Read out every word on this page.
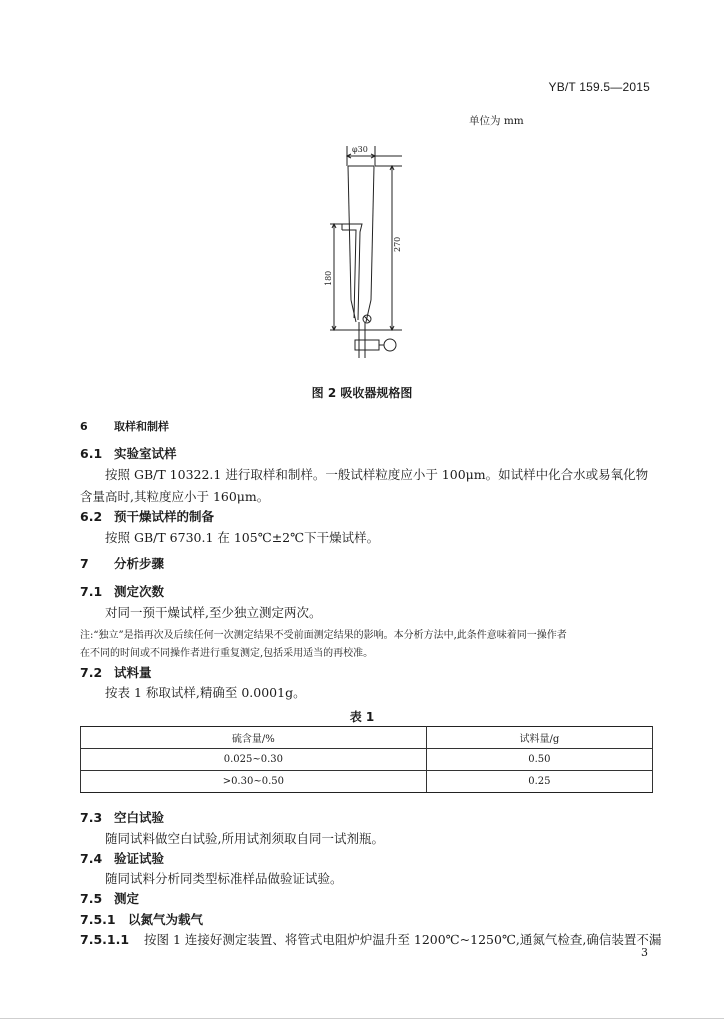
YB/T 159.5—2015
单位为 mm
φ30
270
180
图 2 吸收器规格图
6 取样和制样
6.1 实验室试样
按照 GB/T 10322.1 进行取样和制样。一般试样粒度应小于 100μm。如试样中化合水或易氧化物
含量高时,其粒度应小于 160μm。
6.2 预干燥试样的制备
按照 GB/T 6730.1 在 105℃±2℃下干燥试样。
7 分析步骤
7.1 测定次数
对同一预干燥试样,至少独立测定两次。
注:“独立”是指再次及后续任何一次测定结果不受前面测定结果的影响。本分析方法中,此条件意味着同一操作者
在不同的时间或不同操作者进行重复测定,包括采用适当的再校准。
7.2 试料量
按表 1 称取试样,精确至 0.0001g。
表 1
硫含量/%	试料量/g
0.025~0.30	0.50
>0.30~0.50	0.25
7.3 空白试验
随同试料做空白试验,所用试剂须取自同一试剂瓶。
7.4 验证试验
随同试料分析同类型标准样品做验证试验。
7.5 测定
7.5.1 以氮气为载气
7.5.1.1 按图 1 连接好测定装置、将管式电阻炉炉温升至 1200℃~1250℃,通氮气检查,确信装置不漏
3
